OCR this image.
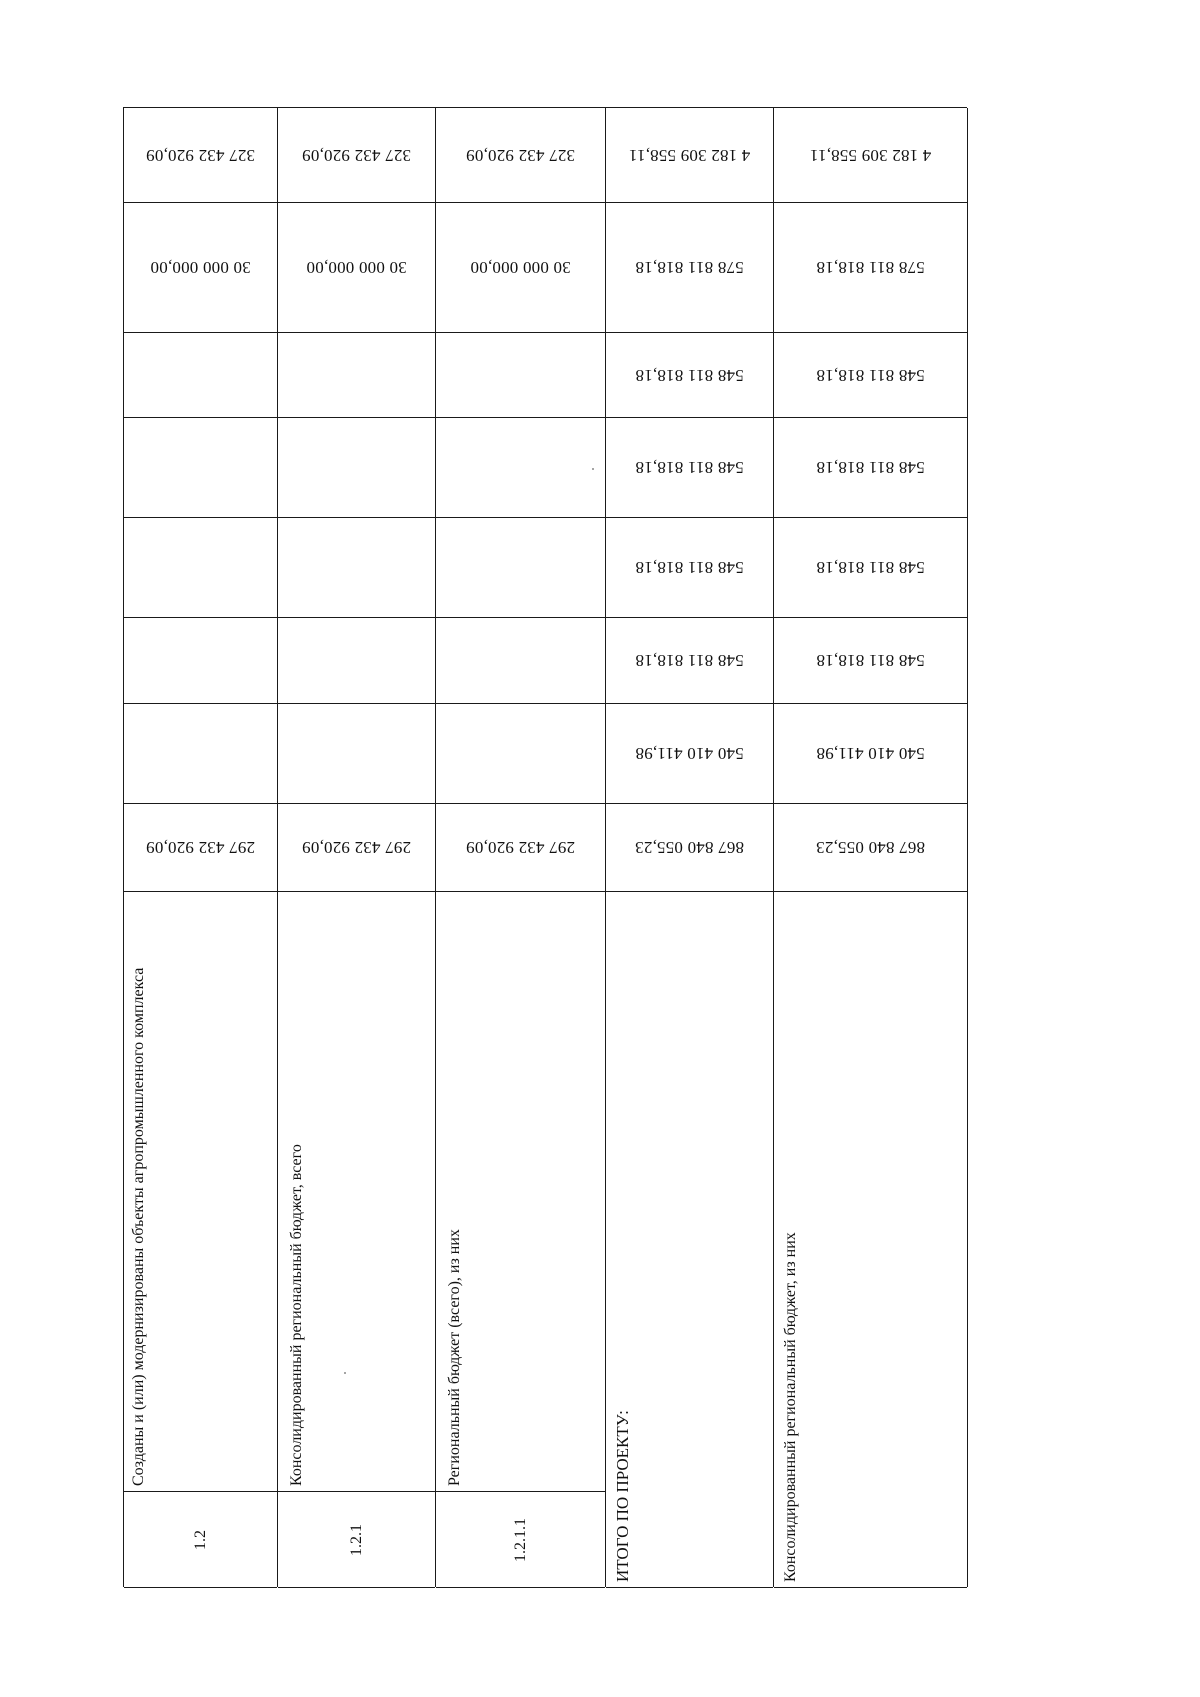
327 432 920,09
30 000 000,00
297 432 920,09
Созданы и (или) модернизированы объекты агропромышленного комплекса
1.2
327 432 920,09
30 000 000,00
297 432 920,09
Консолидированный региональный бюджет, всего
1.2.1
327 432 920,09
30 000 000,00
297 432 920,09
Региональный бюджет (всего), из них
1.2.1.1
4 182 309 558,11
578 811 818,18
548 811 818,18
548 811 818,18
548 811 818,18
548 811 818,18
540 410 411,98
867 840 055,23
ИТОГО ПО ПРОЕКТУ:
4 182 309 558,11
578 811 818,18
548 811 818,18
548 811 818,18
548 811 818,18
548 811 818,18
540 410 411,98
867 840 055,23
Консолидированный региональный бюджет, из них
